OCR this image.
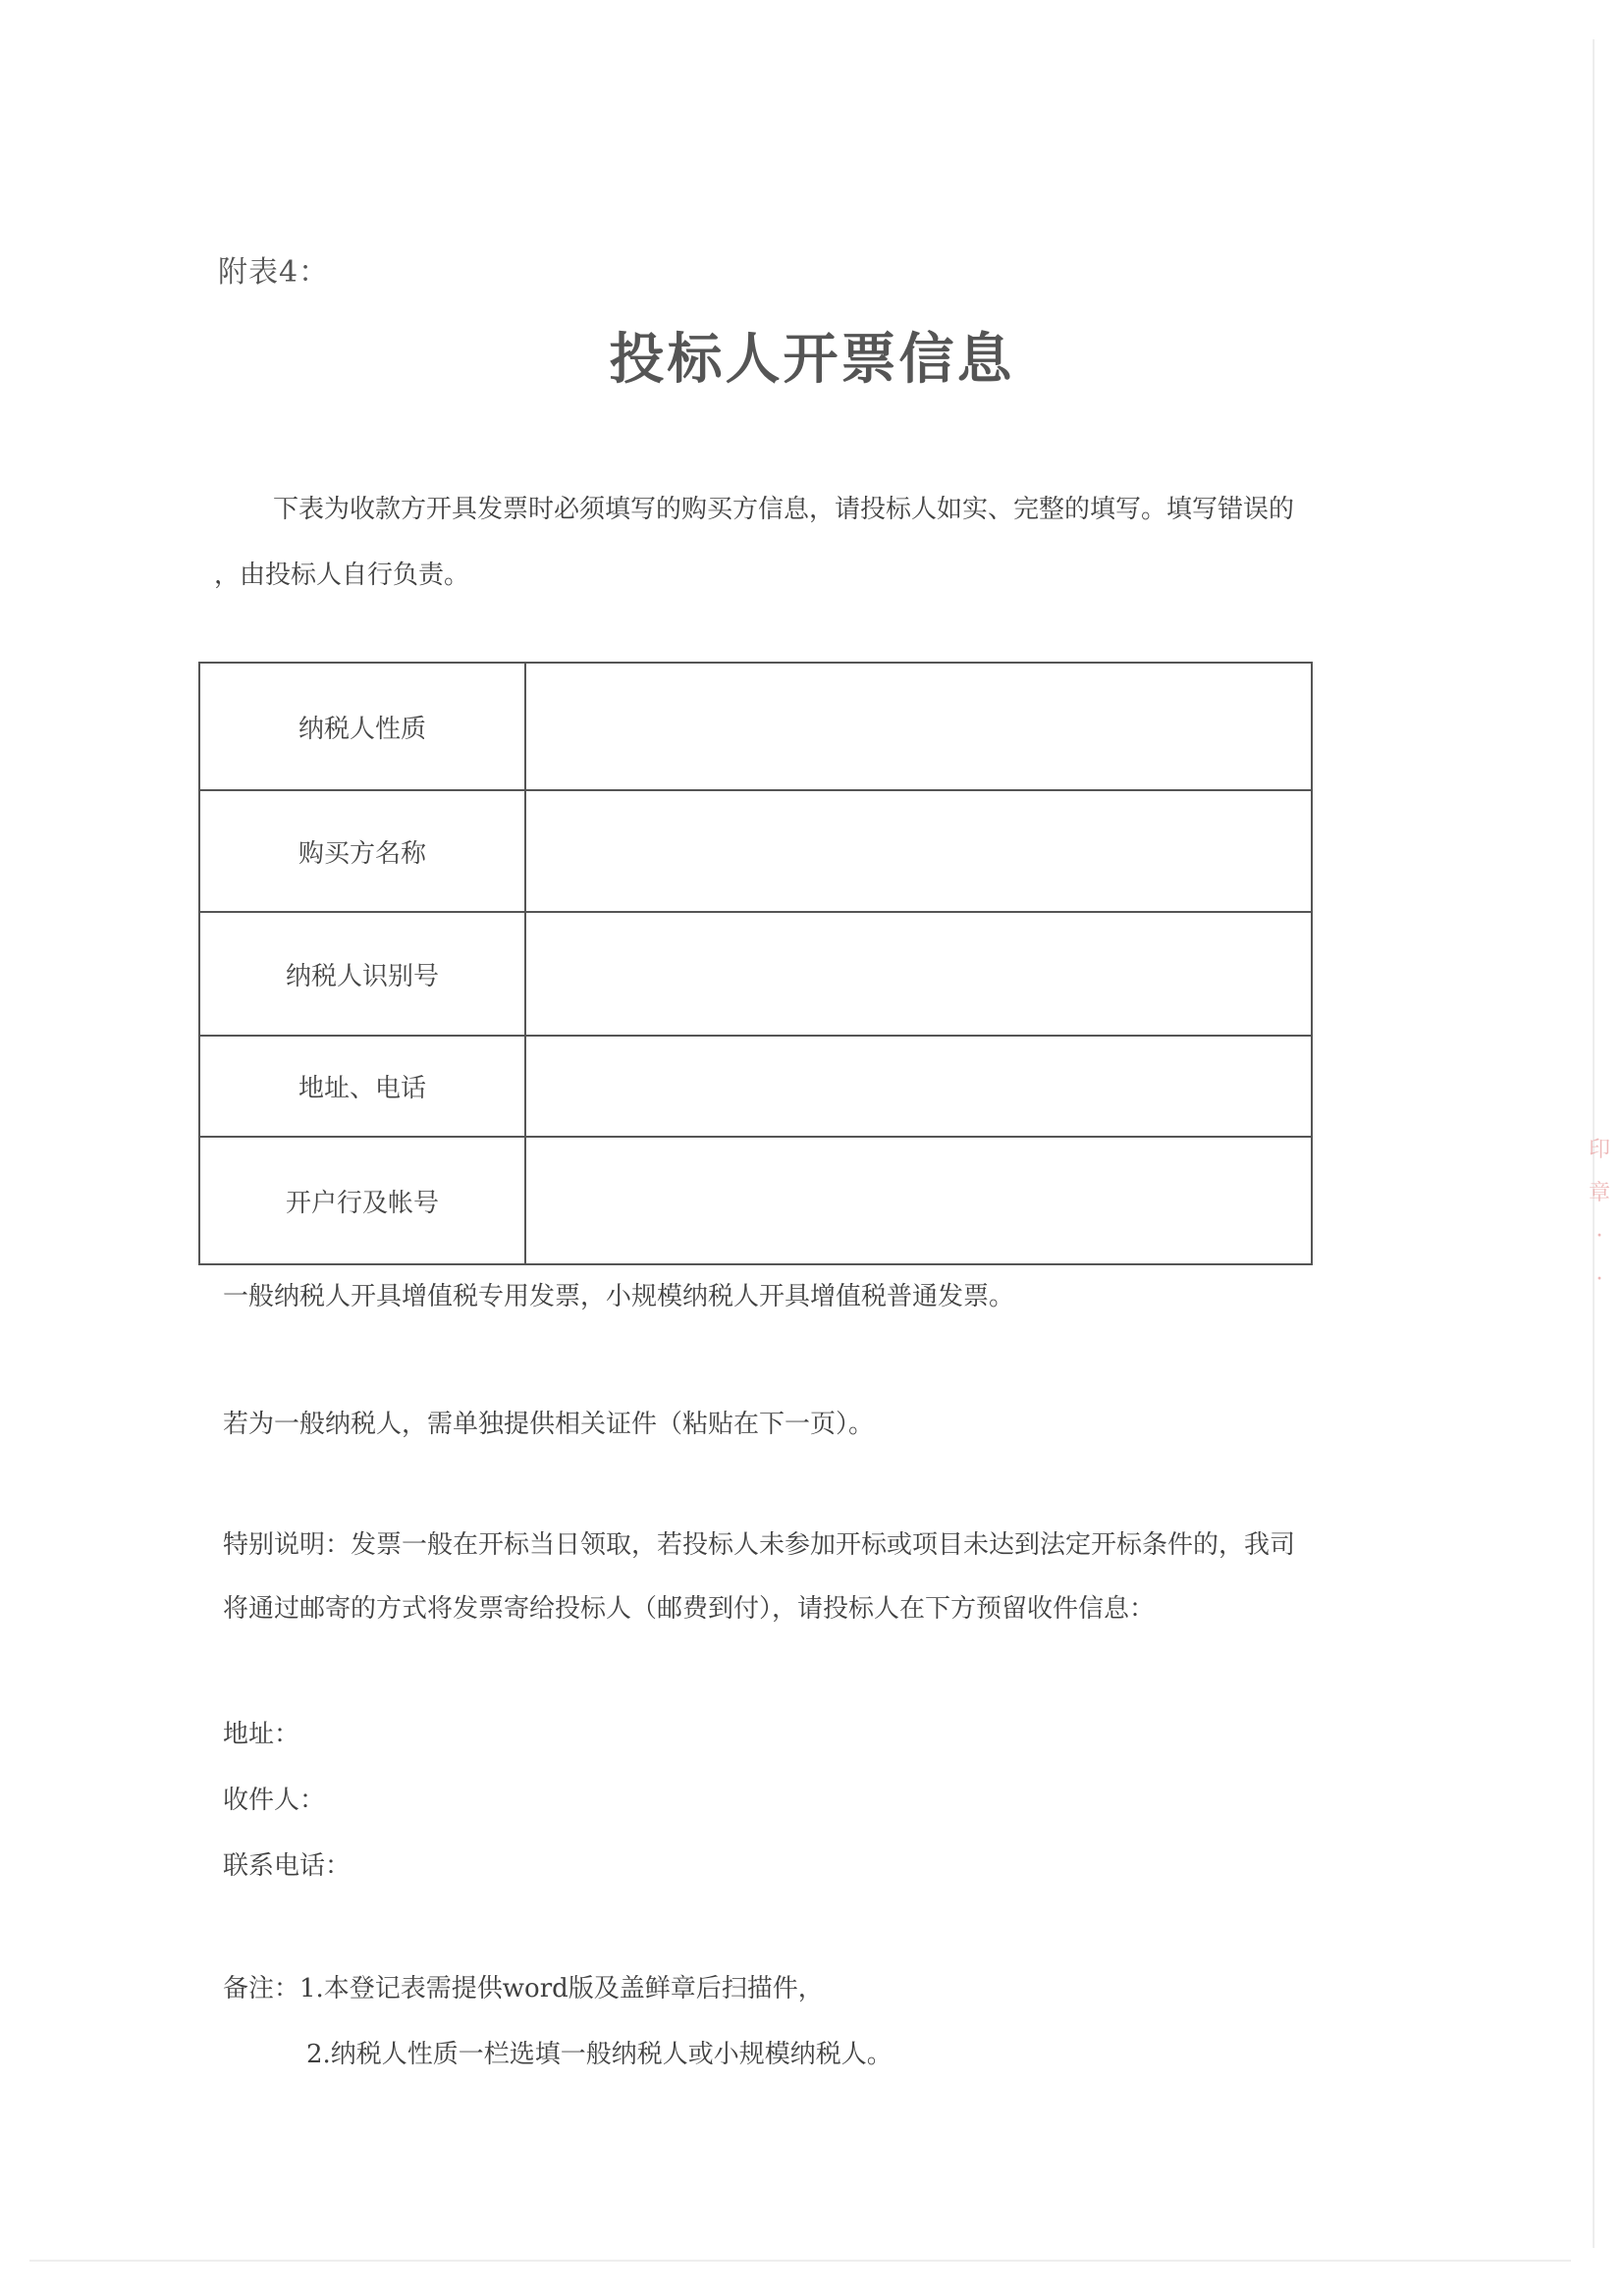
印
章
·
·
附表4：
投标人开票信息
下表为收款方开具发票时必须填写的购买方信息，请投标人如实、完整的填写。填写错误的
，由投标人自行负责。
纳税人性质	
购买方名称	
纳税人识别号	
地址、电话	
开户行及帐号	
一般纳税人开具增值税专用发票，小规模纳税人开具增值税普通发票。
若为一般纳税人，需单独提供相关证件（粘贴在下一页）。
特别说明：发票一般在开标当日领取，若投标人未参加开标或项目未达到法定开标条件的，我司
将通过邮寄的方式将发票寄给投标人（邮费到付），请投标人在下方预留收件信息：
地址：
收件人：
联系电话：
备注：1.本登记表需提供word版及盖鲜章后扫描件，
2.纳税人性质一栏选填一般纳税人或小规模纳税人。
